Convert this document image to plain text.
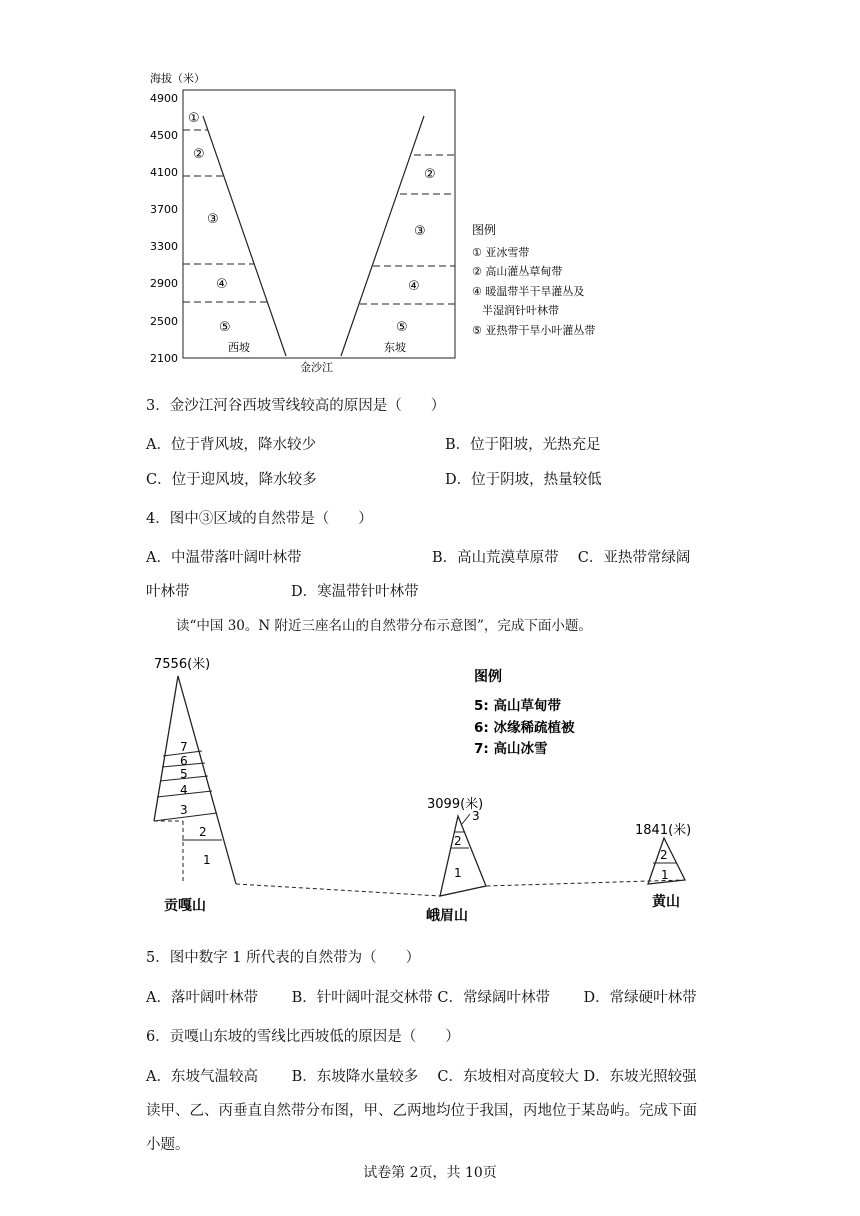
海拔（米）
4900
4500
4100
3700
3300
2900
2500
2100
①
②
③
④
⑤
②
③
④
⑤
西坡	东坡
金沙江
图例
① 亚冰雪带
② 高山灌丛草甸带
④ 暖温带半干旱灌丛及
半湿润针叶林带
⑤ 亚热带干旱小叶灌丛带
3．金沙江河谷西坡雪线较高的原因是（　　）
A．位于背风坡，降水较少	B．位于阳坡，光热充足
C．位于迎风坡，降水较多	D．位于阴坡，热量较低
4．图中③区域的自然带是（　　）
A．中温带落叶阔叶林带　　　　　　　　　B．高山荒漠草原带　 C．亚热带常绿阔
叶林带　　　　　　　D．寒温带针叶林带
读“中国 30。N 附近三座名山的自然带分布示意图”，完成下面小题。
7556(米)
1
2
3
4
5
6
7
贡嘎山
3099(米)
1
2
3
峨眉山
1841(米)
1
2
黄山
图例
5: 高山草甸带
6: 冰缘稀疏植被
7: 高山冰雪
5．图中数字 1 所代表的自然带为（　　）
A．落叶阔叶林带　　 B．针叶阔叶混交林带 C．常绿阔叶林带　　 D．常绿硬叶林带
6．贡嘎山东坡的雪线比西坡低的原因是（　　）
A．东坡气温较高　　 B．东坡降水量较多　 C．东坡相对高度较大 D．东坡光照较强
读甲、乙、丙垂直自然带分布图，甲、乙两地均位于我国，丙地位于某岛屿。完成下面
小题。
试卷第 2页，共 10页
